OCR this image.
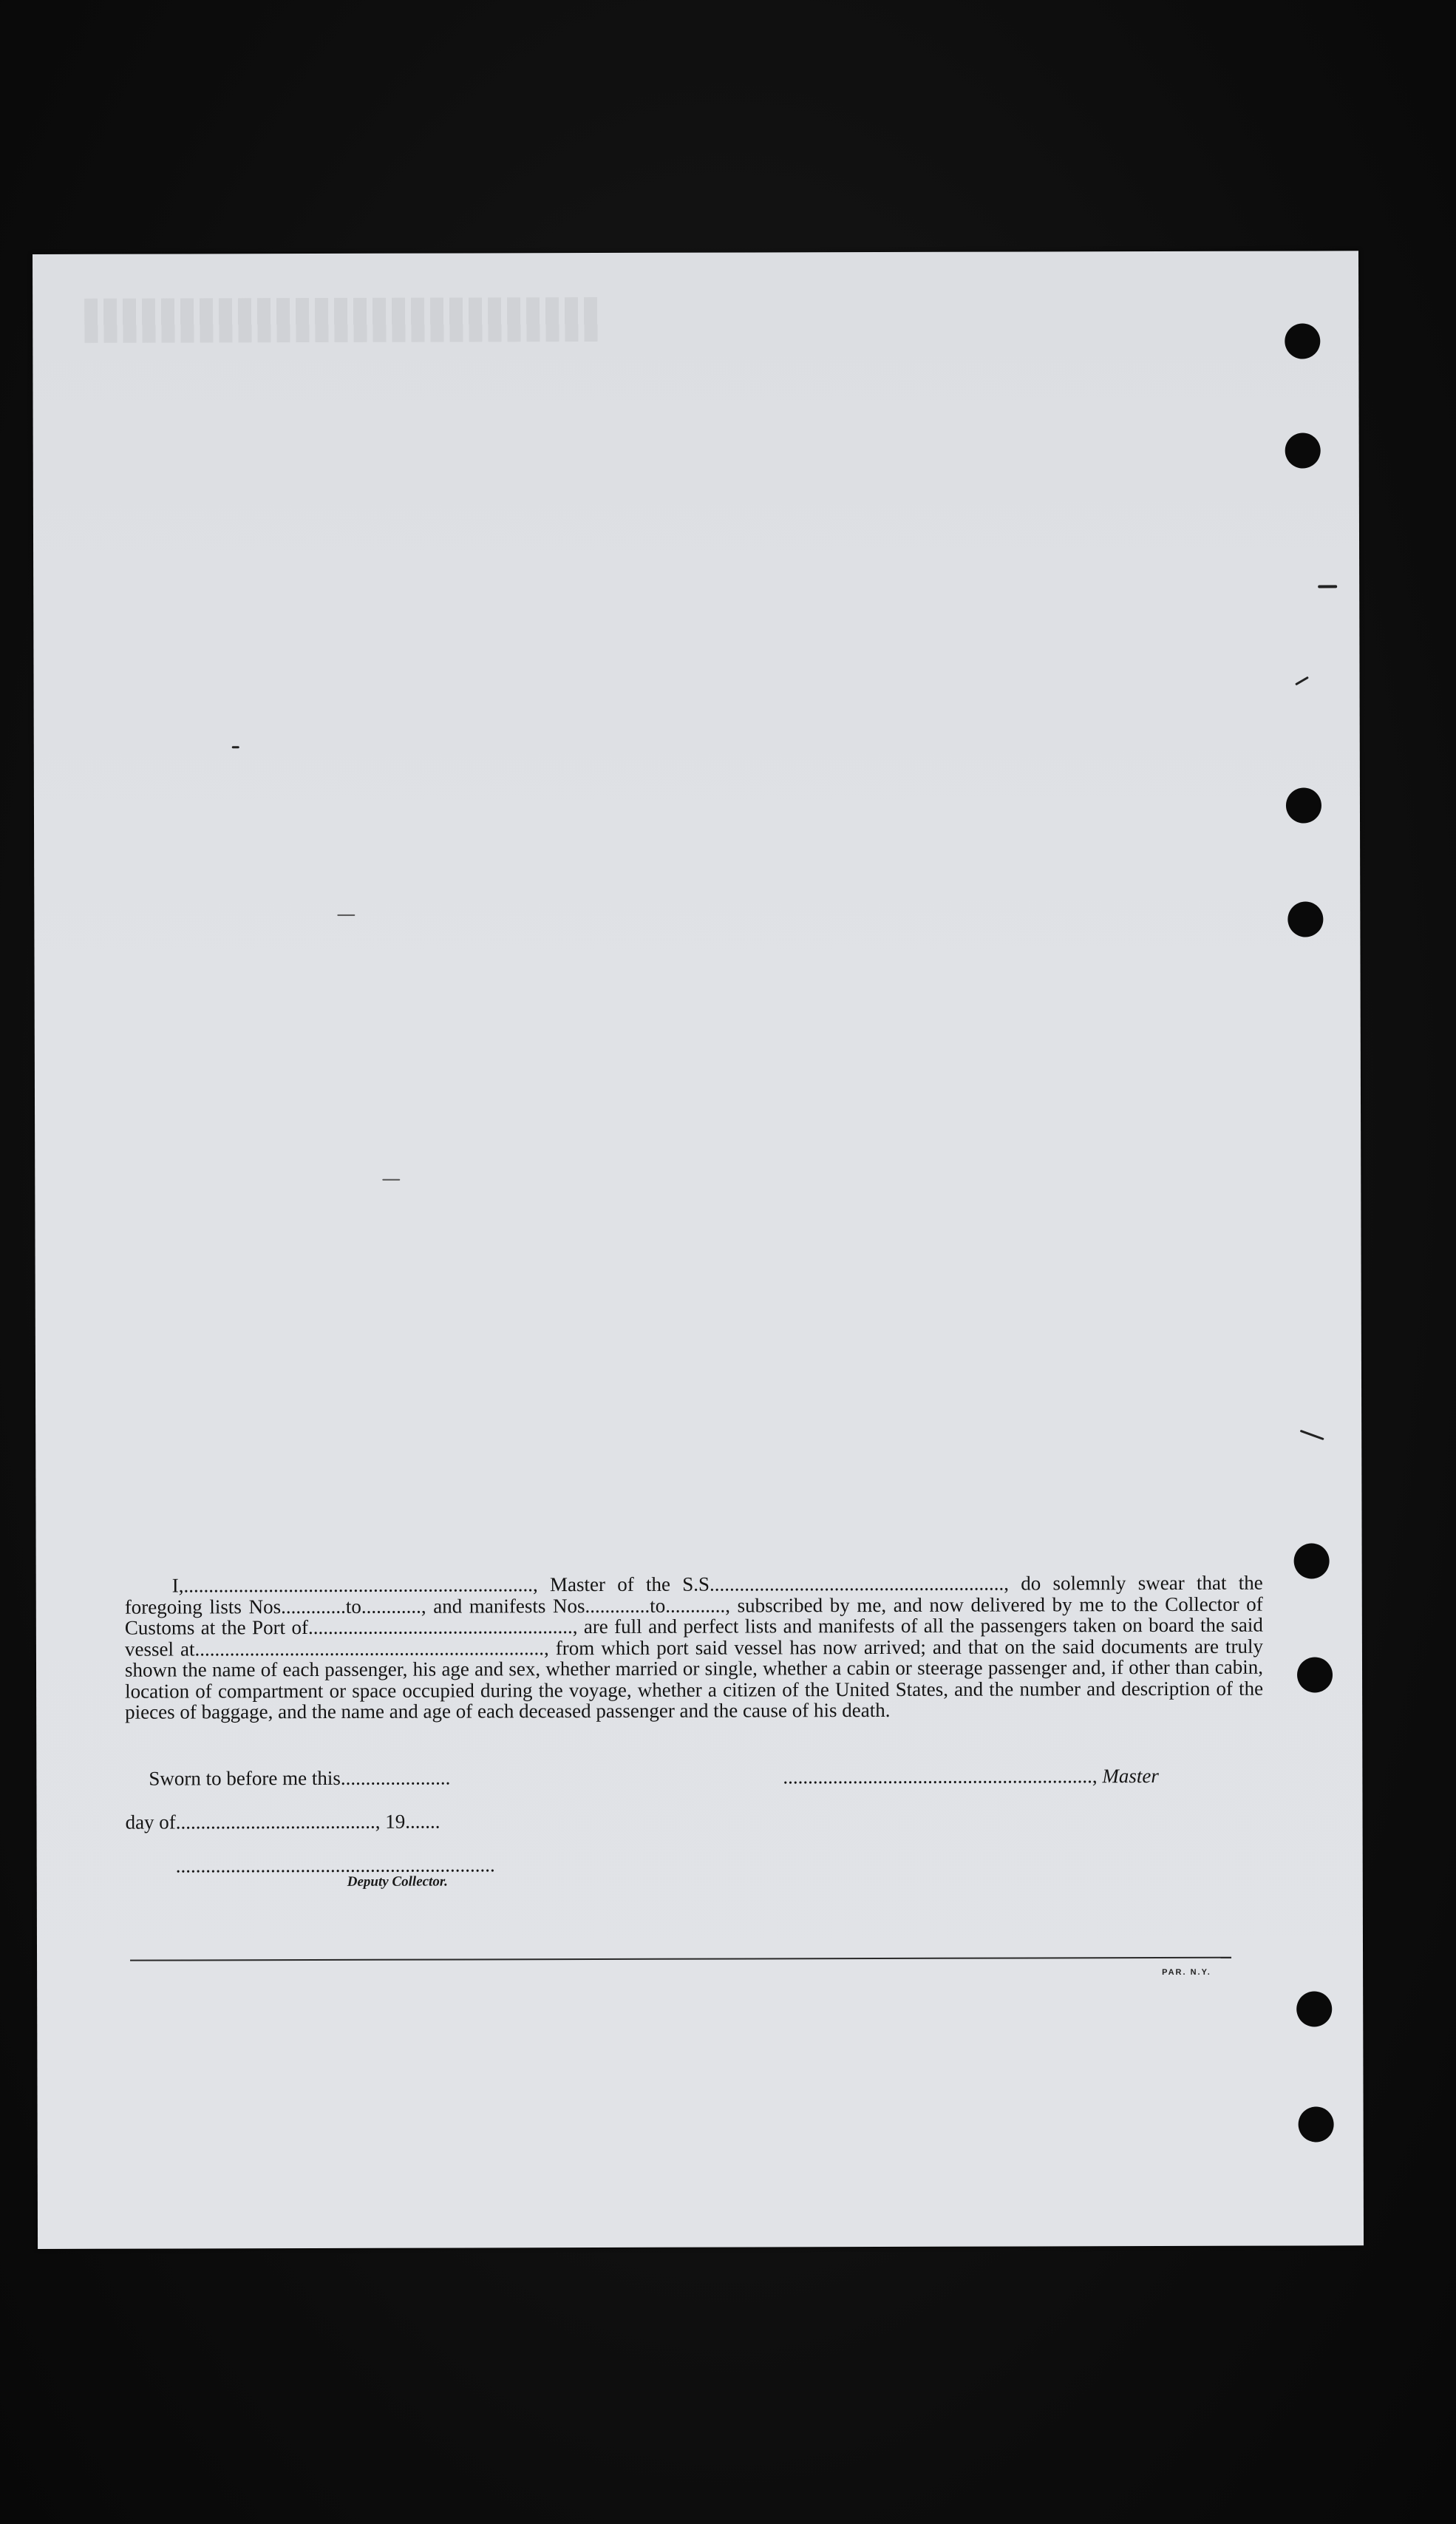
I,......................................................................, Master of the S.S..........................................................., do solemnly swear that the foregoing lists Nos.............to............, and manifests Nos.............to............, subscribed by me, and now delivered by me to the Collector of Customs at the Port of....................................................., are full and perfect lists and manifests of all the passengers taken on board the said vessel at......................................................................, from which port said vessel has now arrived; and that on the said documents are truly shown the name of each passenger, his age and sex, whether married or single, whether a cabin or steerage passenger and, if other than cabin, location of compartment or space occupied during the voyage, whether a citizen of the United States, and the number and description of the pieces of baggage, and the name and age of each deceased passenger and the cause of his death.

Sworn to before me this......................	.............................................................., Master
day of........................................, 19.......
................................................................
Deputy Collector.
PAR. N.Y.
